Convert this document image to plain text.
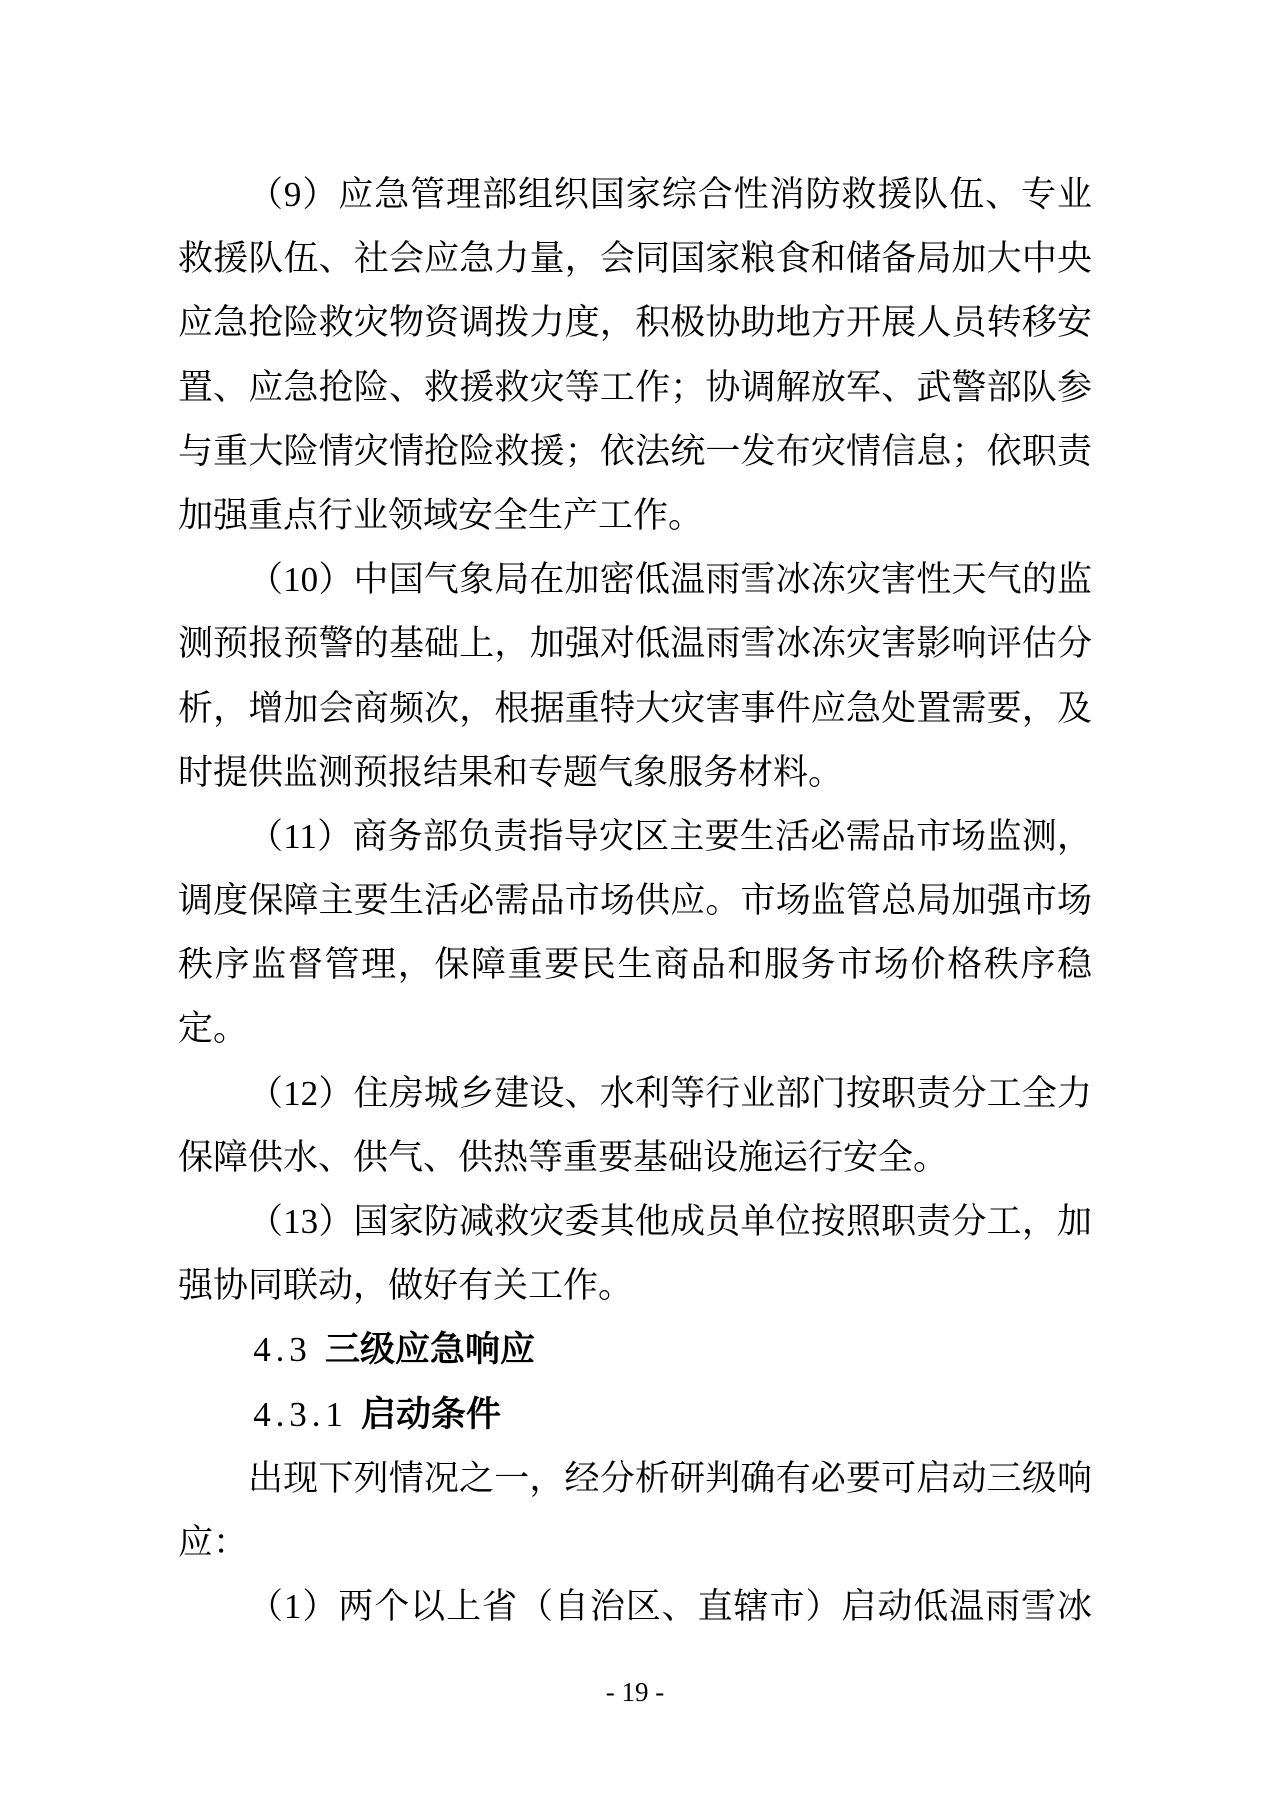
（9）应急管理部组织国家综合性消防救援队伍、专业
救援队伍、社会应急力量，会同国家粮食和储备局加大中央
应急抢险救灾物资调拨力度，积极协助地方开展人员转移安
置、应急抢险、救援救灾等工作；协调解放军、武警部队参
与重大险情灾情抢险救援；依法统一发布灾情信息；依职责
加强重点行业领域安全生产工作。
（10）中国气象局在加密低温雨雪冰冻灾害性天气的监
测预报预警的基础上，加强对低温雨雪冰冻灾害影响评估分
析，增加会商频次，根据重特大灾害事件应急处置需要，及
时提供监测预报结果和专题气象服务材料。
（11）商务部负责指导灾区主要生活必需品市场监测，
调度保障主要生活必需品市场供应。市场监管总局加强市场
秩序监督管理，保障重要民生商品和服务市场价格秩序稳
定。
（12）住房城乡建设、水利等行业部门按职责分工全力
保障供水、供气、供热等重要基础设施运行安全。
（13）国家防减救灾委其他成员单位按照职责分工，加
强协同联动，做好有关工作。
4.3 三级应急响应
4.3.1 启动条件
出现下列情况之一，经分析研判确有必要可启动三级响
应：
（1）两个以上省（自治区、直辖市）启动低温雨雪冰
- 19 -
